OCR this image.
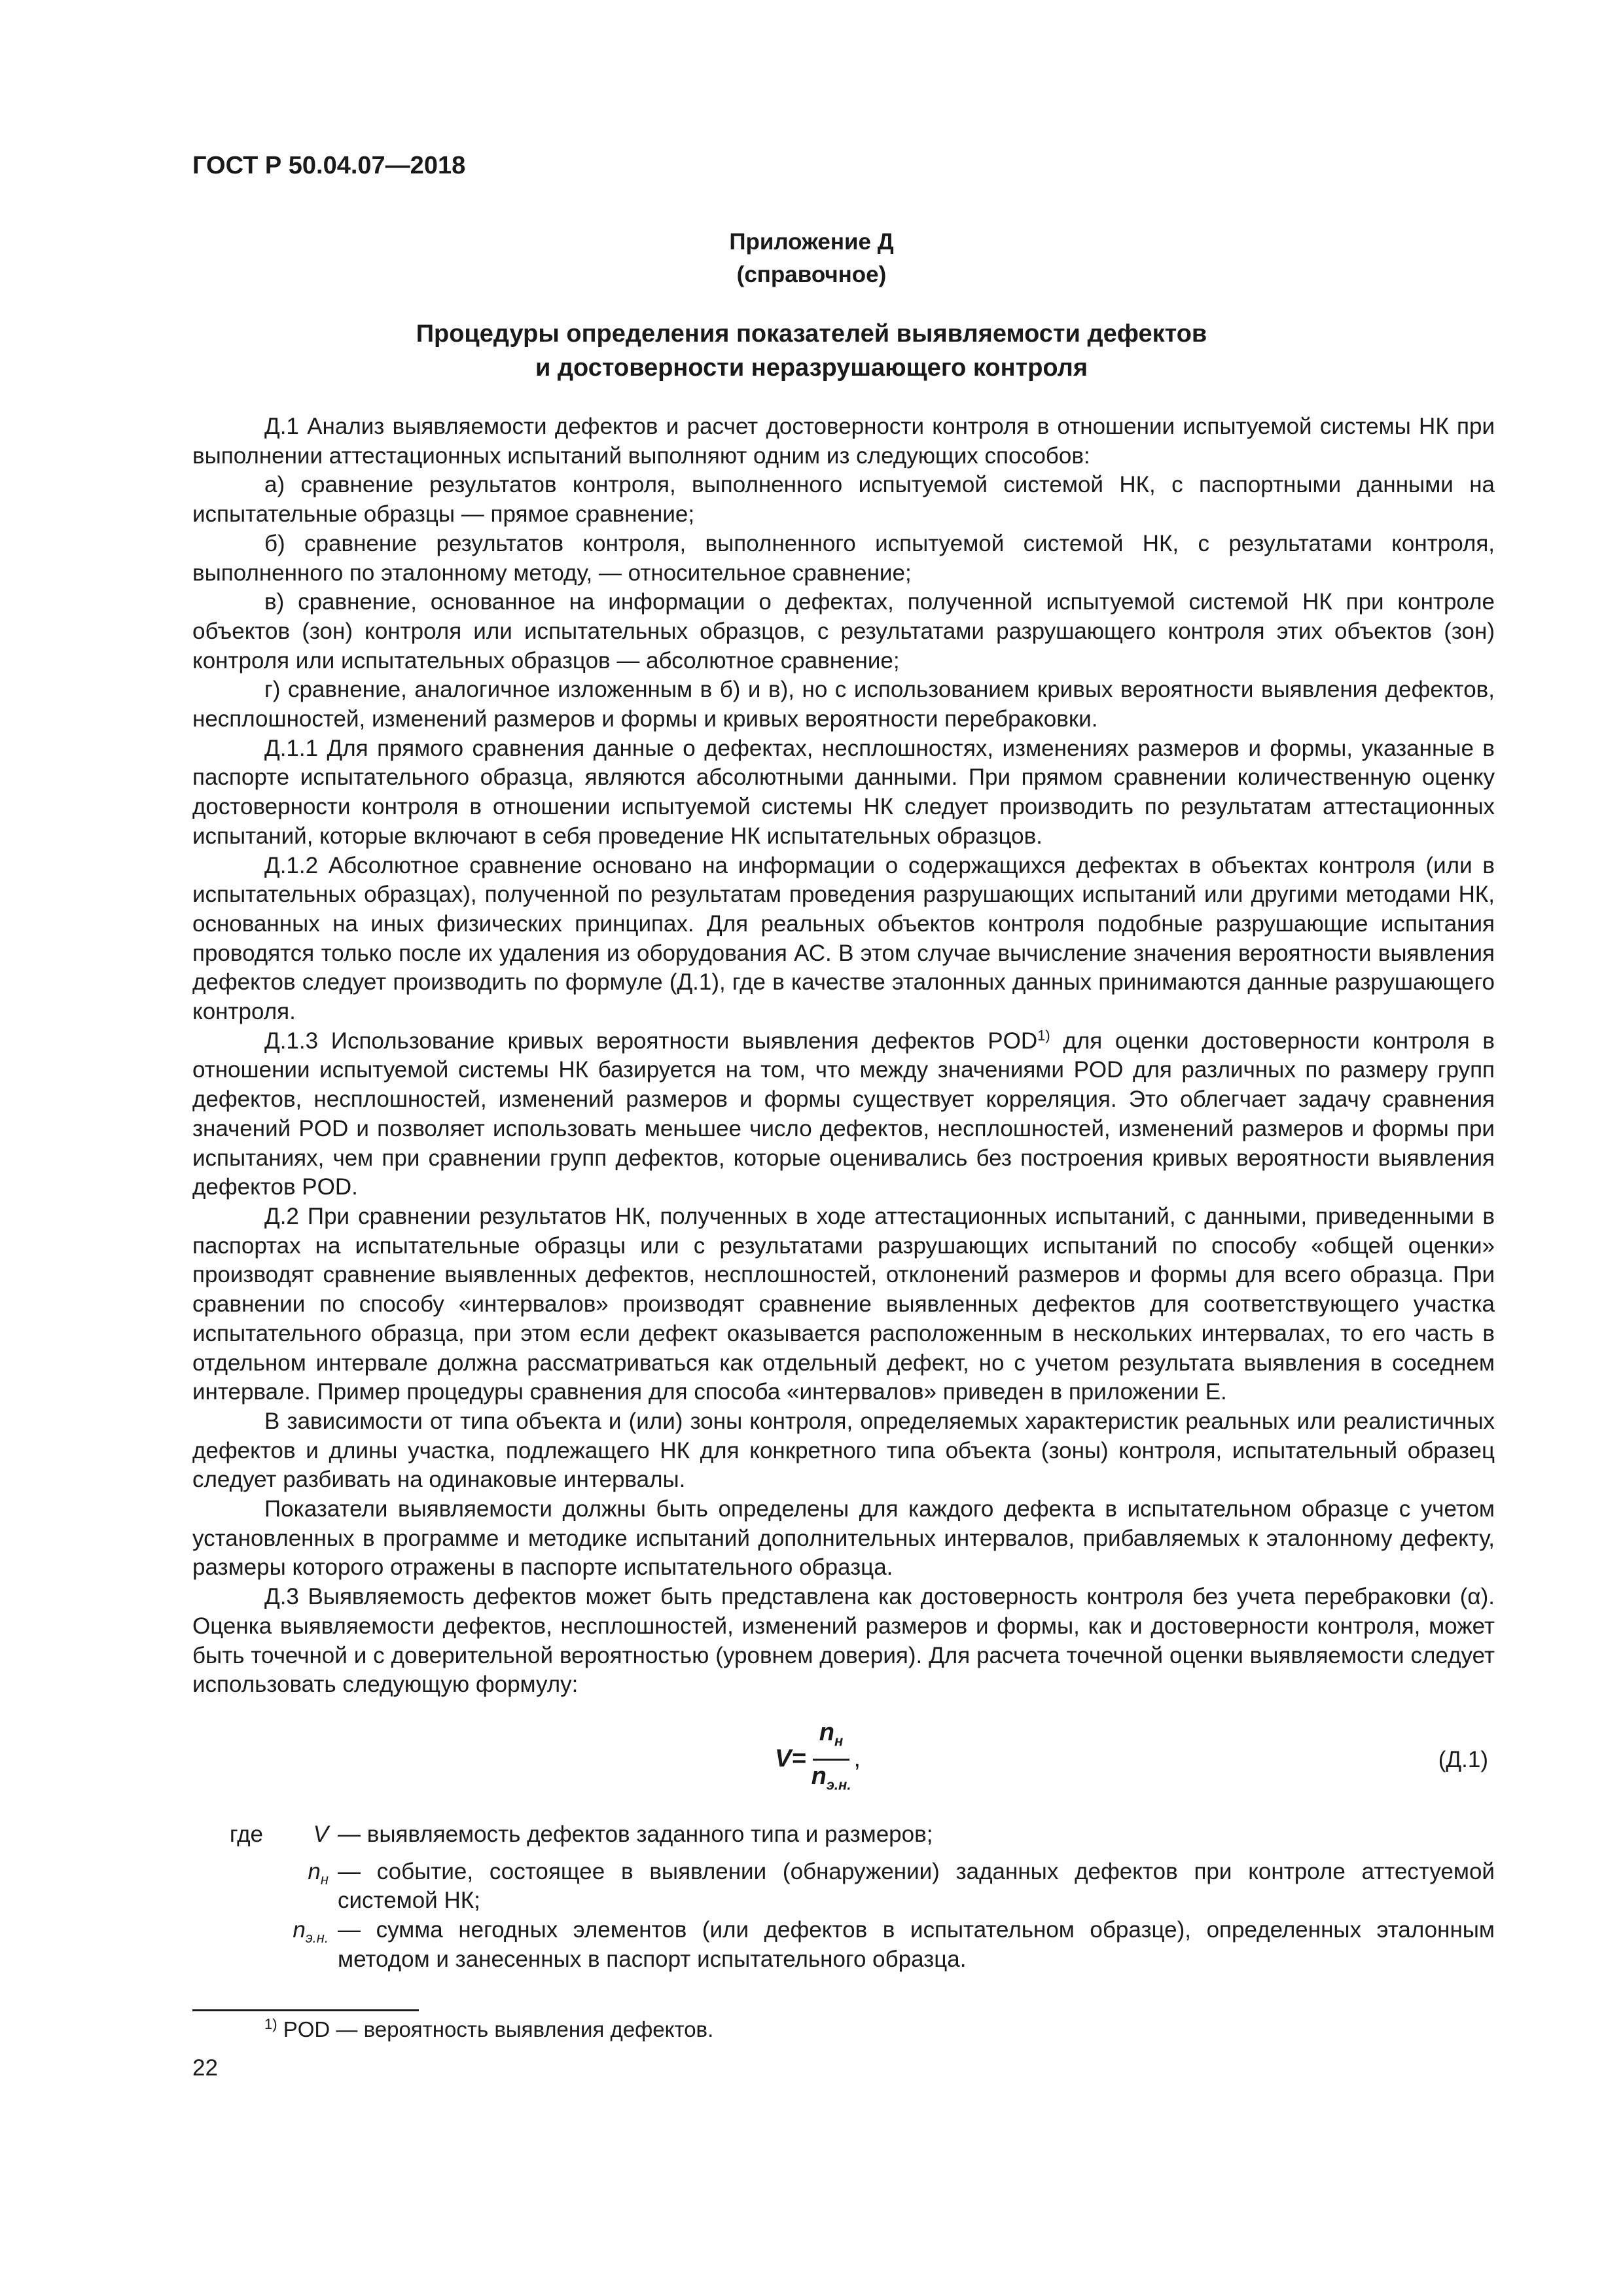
ГОСТ Р 50.04.07—2018
Приложение Д
(справочное)
Процедуры определения показателей выявляемости дефектов
и достоверности неразрушающего контроля

Д.1 Анализ выявляемости дефектов и расчет достоверности контроля в отношении испытуемой системы НК при выполнении аттестационных испытаний выполняют одним из следующих способов:

а) сравнение результатов контроля, выполненного испытуемой системой НК, с паспортными данными на испытательные образцы — прямое сравнение;

б) сравнение результатов контроля, выполненного испытуемой системой НК, с результатами контроля, выполненного по эталонному методу, — относительное сравнение;

в) сравнение, основанное на информации о дефектах, полученной испытуемой системой НК при контроле объектов (зон) контроля или испытательных образцов, с результатами разрушающего контроля этих объектов (зон) контроля или испытательных образцов — абсолютное сравнение;

г) сравнение, аналогичное изложенным в б) и в), но с использованием кривых вероятности выявления дефектов, несплошностей, изменений размеров и формы и кривых вероятности перебраковки.

Д.1.1 Для прямого сравнения данные о дефектах, несплошностях, изменениях размеров и формы, указанные в паспорте испытательного образца, являются абсолютными данными. При прямом сравнении количественную оценку достоверности контроля в отношении испытуемой системы НК следует производить по результатам аттестационных испытаний, которые включают в себя проведение НК испытательных образцов.

Д.1.2 Абсолютное сравнение основано на информации о содержащихся дефектах в объектах контроля (или в испытательных образцах), полученной по результатам проведения разрушающих испытаний или другими методами НК, основанных на иных физических принципах. Для реальных объектов контроля подобные разрушающие испытания проводятся только после их удаления из оборудования АС. В этом случае вычисление значения вероятности выявления дефектов следует производить по формуле (Д.1), где в качестве эталонных данных принимаются данные разрушающего контроля.

Д.1.3 Использование кривых вероятности выявления дефектов POD$^{1)}$ для оценки достоверности контроля в отношении испытуемой системы НК базируется на том, что между значениями POD для различных по размеру групп дефектов, несплошностей, изменений размеров и формы существует корреляция. Это облегчает задачу сравнения значений POD и позволяет использовать меньшее число дефектов, несплошностей, изменений размеров и формы при испытаниях, чем при сравнении групп дефектов, которые оценивались без построения кривых вероятности выявления дефектов POD.

Д.2 При сравнении результатов НК, полученных в ходе аттестационных испытаний, с данными, приведенными в паспортах на испытательные образцы или с результатами разрушающих испытаний по способу «общей оценки» производят сравнение выявленных дефектов, несплошностей, отклонений размеров и формы для всего образца. При сравнении по способу «интервалов» производят сравнение выявленных дефектов для соответствующего участка испытательного образца, при этом если дефект оказывается расположенным в нескольких интервалах, то его часть в отдельном интервале должна рассматриваться как отдельный дефект, но с учетом результата выявления в соседнем интервале. Пример процедуры сравнения для способа «интервалов» приведен в приложении Е.

В зависимости от типа объекта и (или) зоны контроля, определяемых характеристик реальных или реалистичных дефектов и длины участка, подлежащего НК для конкретного типа объекта (зоны) контроля, испытательный образец следует разбивать на одинаковые интервалы.

Показатели выявляемости должны быть определены для каждого дефекта в испытательном образце с учетом установленных в программе и методике испытаний дополнительных интервалов, прибавляемых к эталонному дефекту, размеры которого отражены в паспорте испытательного образца.

Д.3 Выявляемость дефектов может быть представлена как достоверность контроля без учета перебраковки (α). Оценка выявляемости дефектов, несплошностей, изменений размеров и формы, как и достоверности контроля, может быть точечной и с доверительной вероятностью (уровнем доверия). Для расчета точечной оценки выявляемости следует использовать следующую формулу:

$V = \frac{n_н}{n_{э.н.}}$ ,	(Д.1)
где	V — выявляемость дефектов заданного типа и размеров;
$n_н$ — событие, состоящее в выявлении (обнаружении) заданных дефектов при контроле аттестуемой системой НК;
$n_{э.н.}$ — сумма негодных элементов (или дефектов в испытательном образце), определенных эталонным методом и занесенных в паспорт испытательного образца.
$^{1)}$ POD — вероятность выявления дефектов.
22
